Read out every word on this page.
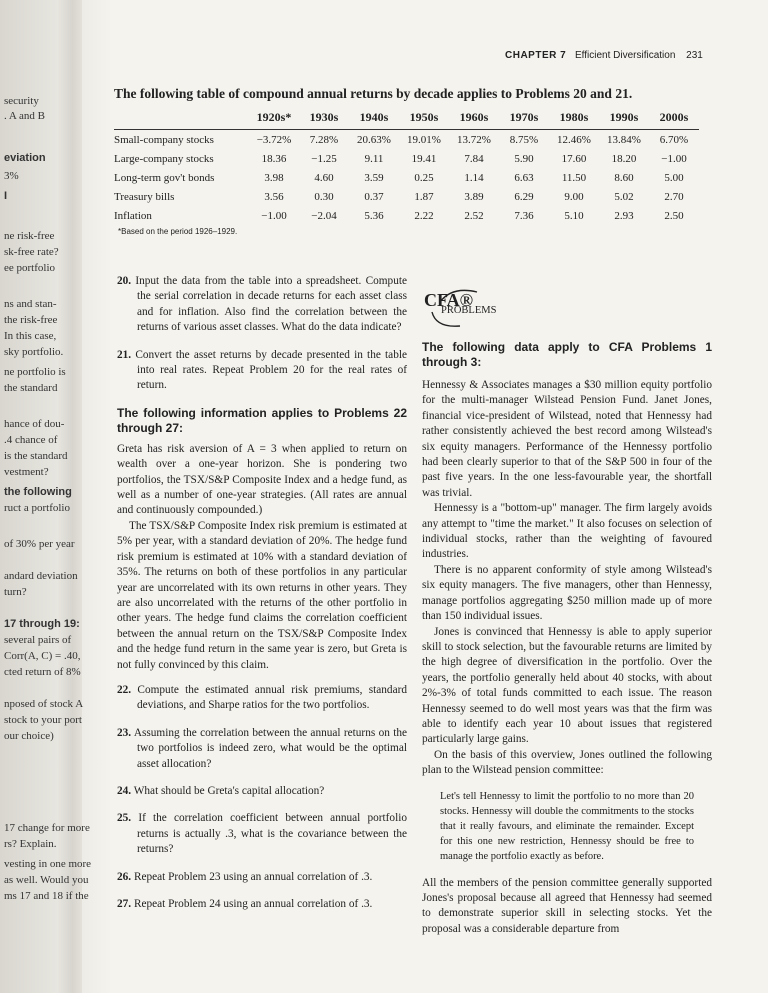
security
. A and B
eviation
3%
I
ne risk-free
sk-free rate?
ee portfolio
ns and stan-
the risk-free
In this case,
sky portfolio.
ne portfolio is
the standard
hance of dou-
.4 chance of
is the standard
vestment?
the following
ruct a portfolio
of 30% per year
andard deviation
turn?
17 through 19:
several pairs of
Corr(A, C) = .40,
cted return of 8%
nposed of stock A
stock to your port
our choice)
17 change for more
rs? Explain.
vesting in one more
as well. Would you
ms 17 and 18 if the
CHAPTER 7 Efficient Diversification 231
The following table of compound annual returns by decade applies to Problems 20 and 21.
	1920s*	1930s	1940s	1950s	1960s	1970s	1980s	1990s	2000s
Small-company stocks	−3.72%	7.28%	20.63%	19.01%	13.72%	8.75%	12.46%	13.84%	6.70%
Large-company stocks	18.36	−1.25	9.11	19.41	7.84	5.90	17.60	18.20	−1.00
Long-term gov't bonds	3.98	4.60	3.59	0.25	1.14	6.63	11.50	8.60	5.00
Treasury bills	3.56	0.30	0.37	1.87	3.89	6.29	9.00	5.02	2.70
Inflation	−1.00	−2.04	5.36	2.22	2.52	7.36	5.10	2.93	2.50
*Based on the period 1926–1929.

20. Input the data from the table into a spreadsheet. Compute the serial correlation in decade returns for each asset class and for inflation. Also find the correlation between the returns of various asset classes. What do the data indicate?

21. Convert the asset returns by decade presented in the table into real rates. Repeat Problem 20 for the real rates of return.

The following information applies to Problems 22 through 27:

Greta has risk aversion of A = 3 when applied to return on wealth over a one-year horizon. She is pondering two portfolios, the TSX/S&P Composite Index and a hedge fund, as well as a number of one-year strategies. (All rates are annual and continuously compounded.)

The TSX/S&P Composite Index risk premium is estimated at 5% per year, with a standard deviation of 20%. The hedge fund risk premium is estimated at 10% with a standard deviation of 35%. The returns on both of these portfolios in any particular year are uncorrelated with its own returns in other years. They are also uncorrelated with the returns of the other portfolio in other years. The hedge fund claims the correlation coefficient between the annual return on the TSX/S&P Composite Index and the hedge fund return in the same year is zero, but Greta is not fully convinced by this claim.

22. Compute the estimated annual risk premiums, standard deviations, and Sharpe ratios for the two portfolios.

23. Assuming the correlation between the annual returns on the two portfolios is indeed zero, what would be the optimal asset allocation?

24. What should be Greta's capital allocation?

25. If the correlation coefficient between annual portfolio returns is actually .3, what is the covariance between the returns?

26. Repeat Problem 23 using an annual correlation of .3.

27. Repeat Problem 24 using an annual correlation of .3.

CFA®
PROBLEMS
The following data apply to CFA Problems 1 through 3:

Hennessy & Associates manages a $30 million equity portfolio for the multi-manager Wilstead Pension Fund. Janet Jones, financial vice-president of Wilstead, noted that Hennessy had rather consistently achieved the best record among Wilstead's six equity managers. Performance of the Hennessy portfolio had been clearly superior to that of the S&P 500 in four of the past five years. In the one less-favourable year, the shortfall was trivial.

Hennessy is a "bottom-up" manager. The firm largely avoids any attempt to "time the market." It also focuses on selection of individual stocks, rather than the weighting of favoured industries.

There is no apparent conformity of style among Wilstead's six equity managers. The five managers, other than Hennessy, manage portfolios aggregating $250 million made up of more than 150 individual issues.

Jones is convinced that Hennessy is able to apply superior skill to stock selection, but the favourable returns are limited by the high degree of diversification in the portfolio. Over the years, the portfolio generally held about 40 stocks, with about 2%-3% of total funds committed to each issue. The reason Hennessy seemed to do well most years was that the firm was able to identify each year 10 about issues that registered particularly large gains.

On the basis of this overview, Jones outlined the following plan to the Wilstead pension committee:

Let's tell Hennessy to limit the portfolio to no more than 20 stocks. Hennessy will double the commitments to the stocks that it really favours, and eliminate the remainder. Except for this one new restriction, Hennessy should be free to manage the portfolio exactly as before.

All the members of the pension committee generally supported Jones's proposal because all agreed that Hennessy had seemed to demonstrate superior skill in selecting stocks. Yet the proposal was a considerable departure from
